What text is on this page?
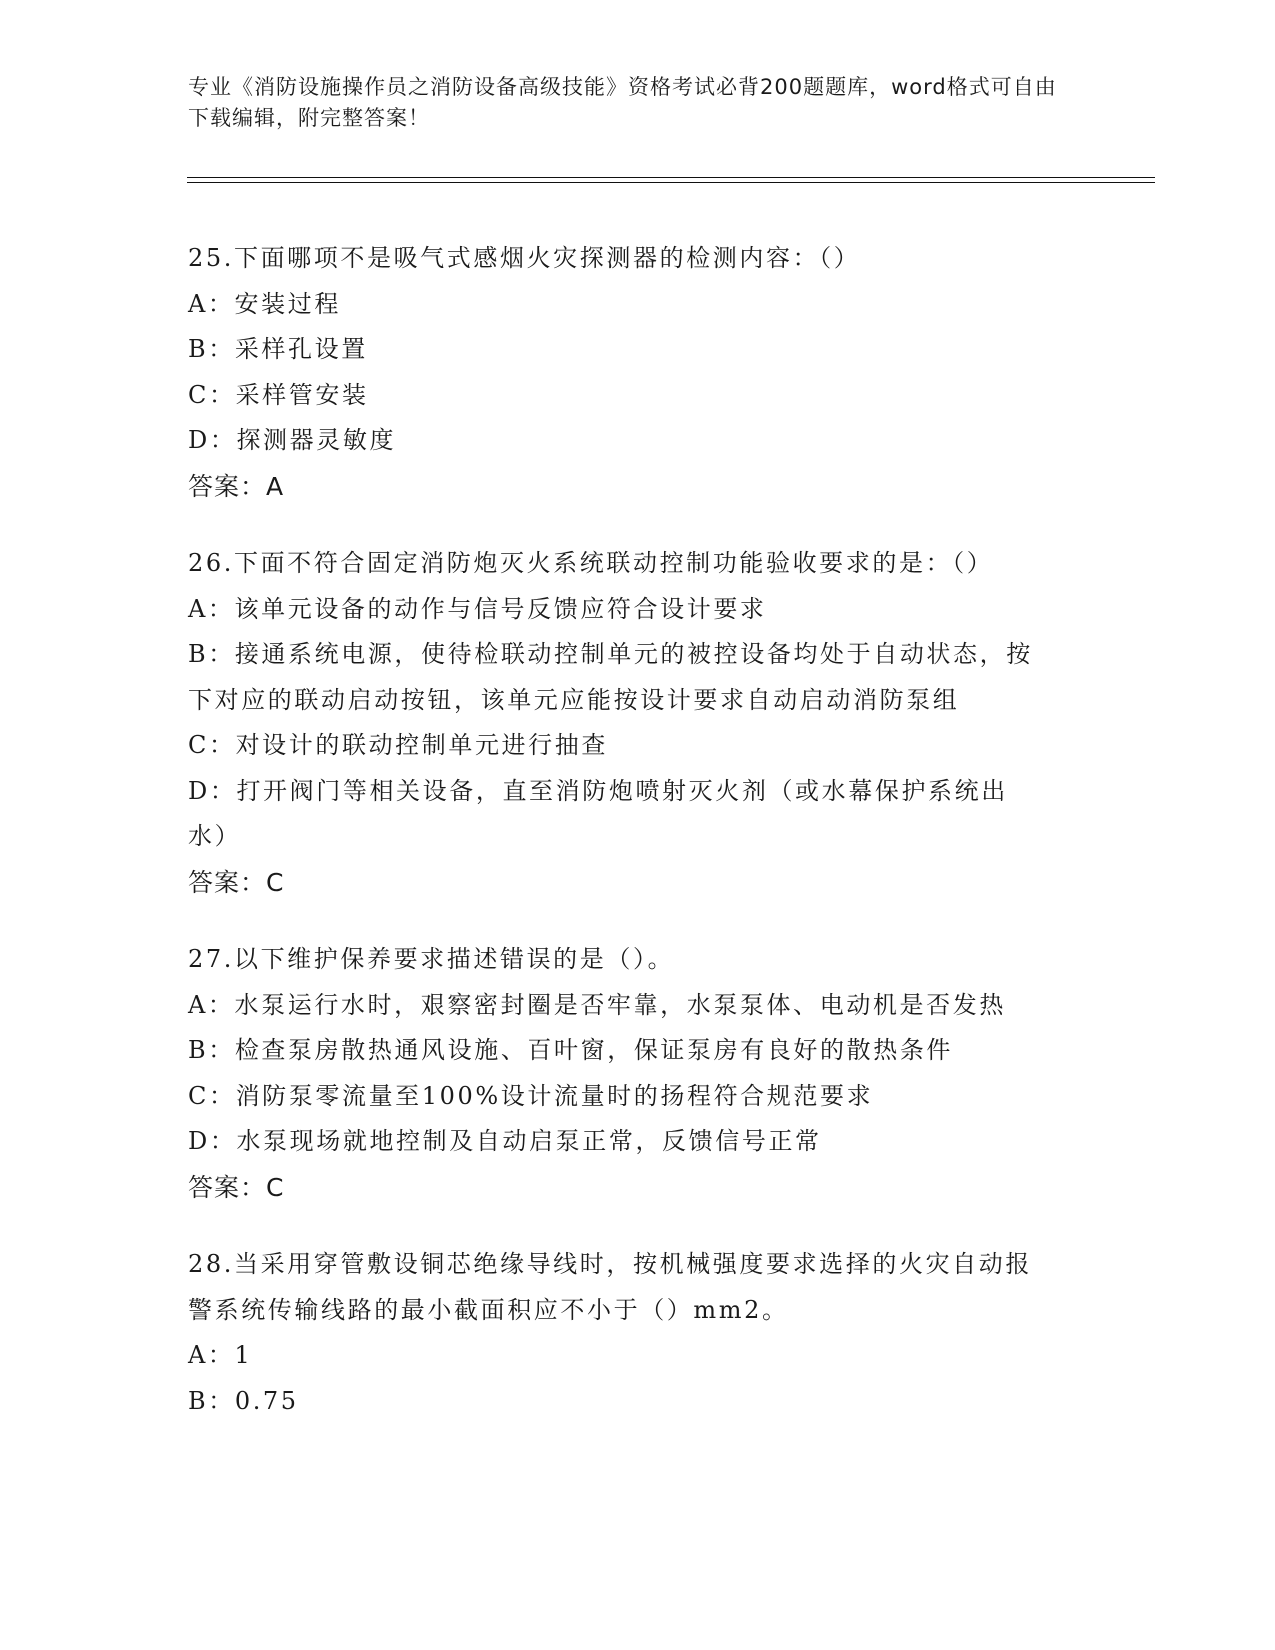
专业《消防设施操作员之消防设备高级技能》资格考试必背200题题库，word格式可自由下载编辑，附完整答案！
25.下面哪项不是吸气式感烟火灾探测器的检测内容：（）
A：安装过程
B：采样孔设置
C：采样管安装
D：探测器灵敏度
答案：A
26.下面不符合固定消防炮灭火系统联动控制功能验收要求的是：（）
A：该单元设备的动作与信号反馈应符合设计要求
B：接通系统电源，使待检联动控制单元的被控设备均处于自动状态，按下对应的联动启动按钮，该单元应能按设计要求自动启动消防泵组
C：对设计的联动控制单元进行抽查
D：打开阀门等相关设备，直至消防炮喷射灭火剂（或水幕保护系统出水）
答案：C
27.以下维护保养要求描述错误的是（）。
A：水泵运行水时，艰察密封圈是否牢靠，水泵泵体、电动机是否发热
B：检查泵房散热通风设施、百叶窗，保证泵房有良好的散热条件
C：消防泵零流量至100%设计流量时的扬程符合规范要求
D：水泵现场就地控制及自动启泵正常，反馈信号正常
答案：C
28.当采用穿管敷设铜芯绝缘导线时，按机械强度要求选择的火灾自动报警系统传输线路的最小截面积应不小于（）mm2。
A：1
B：0.75
